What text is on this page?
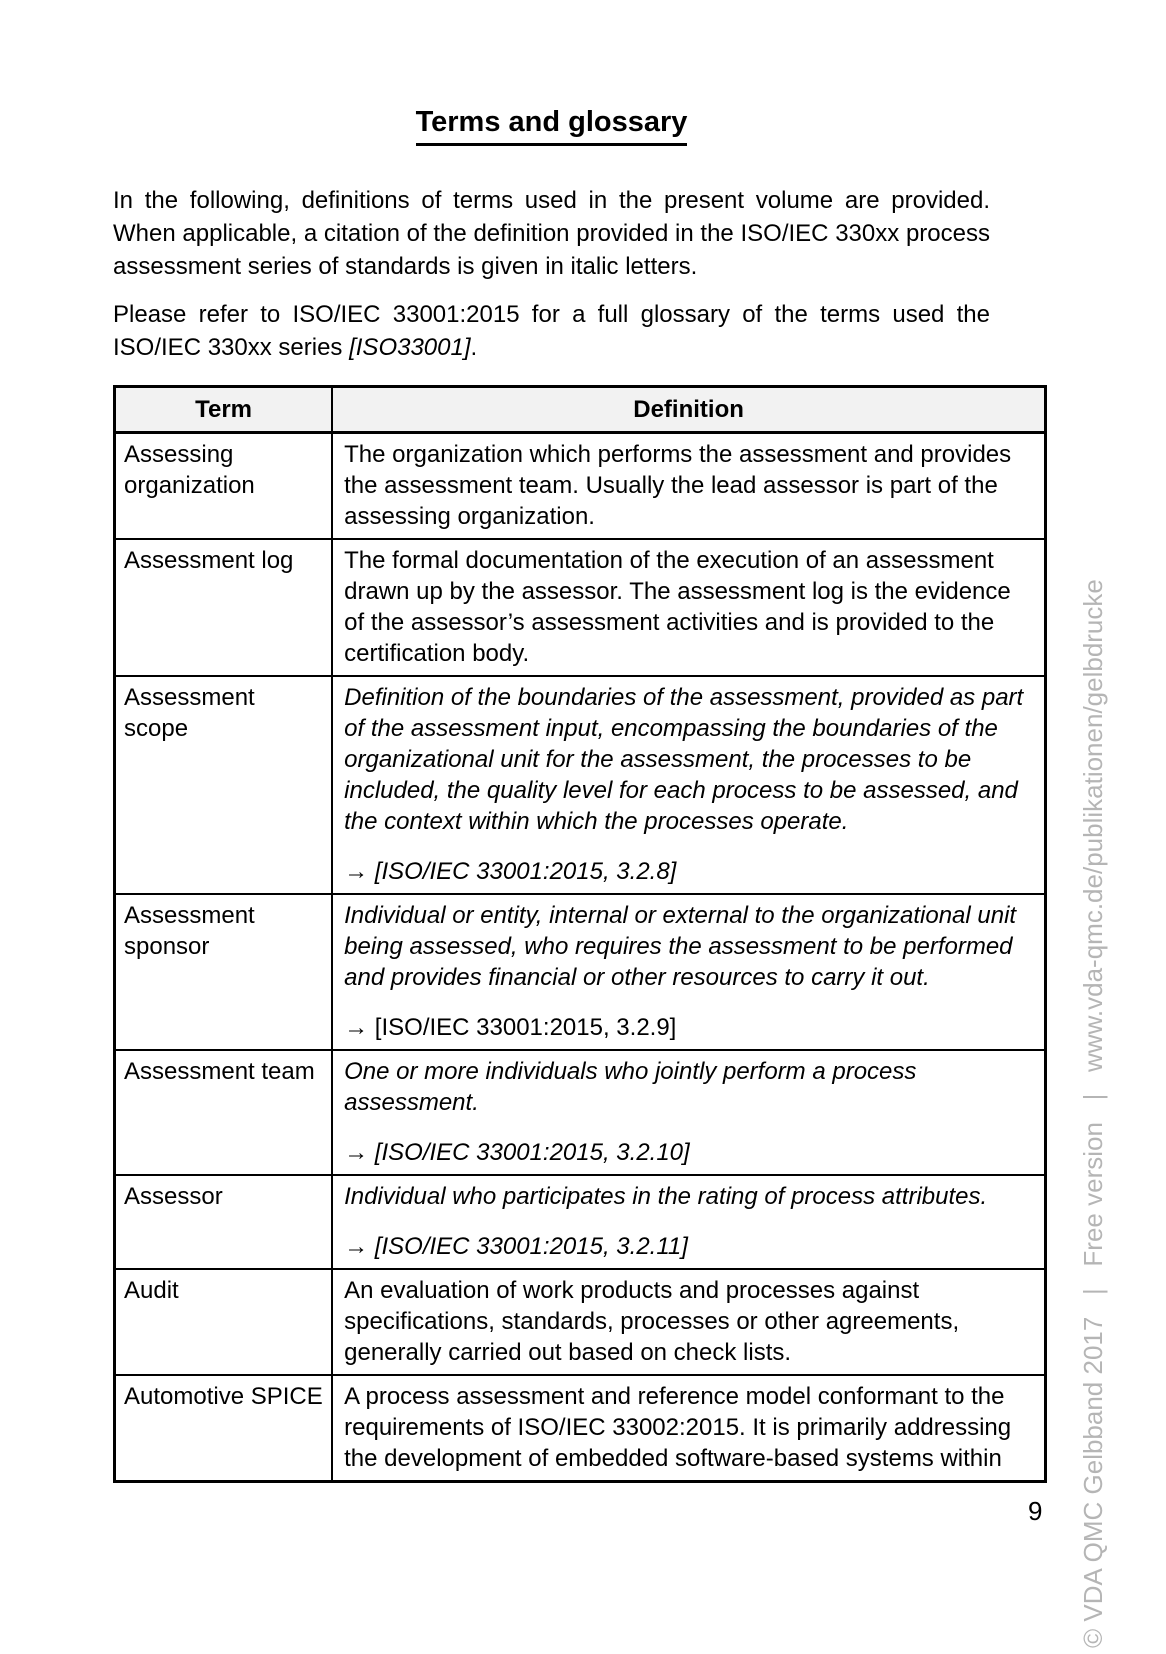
Terms and glossary

In the following, definitions of terms used in the present volume are provided. When applicable, a citation of the definition provided in the ISO/IEC 330xx process assessment series of standards is given in italic letters.

Please refer to ISO/IEC 33001:2015 for a full glossary of the terms used the ISO/IEC 330xx series [ISO33001].

Term	Definition
Assessing organization	The organization which performs the assessment and provides the assessment team. Usually the lead assessor is part of the assessing organization.

Assessment log	The formal documentation of the execution of an assessment drawn up by the assessor. The assessment log is the evidence of the assessor’s assessment activities and is provided to the certification body.

Assessment scope	Definition of the boundaries of the assessment, provided as part of the assessment input, encompassing the boundaries of the organizational unit for the assessment, the processes to be included, the quality level for each process to be assessed, and the context within which the processes operate.
→ [ISO/IEC 33001:2015, 3.2.8]

Assessment sponsor	Individual or entity, internal or external to the organizational unit being assessed, who requires the assessment to be performed and provides financial or other resources to carry it out.
→ [ISO/IEC 33001:2015, 3.2.9]

Assessment team	One or more individuals who jointly perform a process assessment.
→ [ISO/IEC 33001:2015, 3.2.10]

Assessor	Individual who participates in the rating of process attributes.
→ [ISO/IEC 33001:2015, 3.2.11]

Audit	An evaluation of work products and processes against specifications, standards, processes or other agreements, generally carried out based on check lists.

Automotive SPICE	A process assessment and reference model conformant to the requirements of ISO/IEC 33002:2015. It is primarily addressing the development of embedded software-based systems within
9 © VDA QMC Gelbband 2017   |   Free version   |   www.vda-qmc.de/publikationen/gelbdrucke
